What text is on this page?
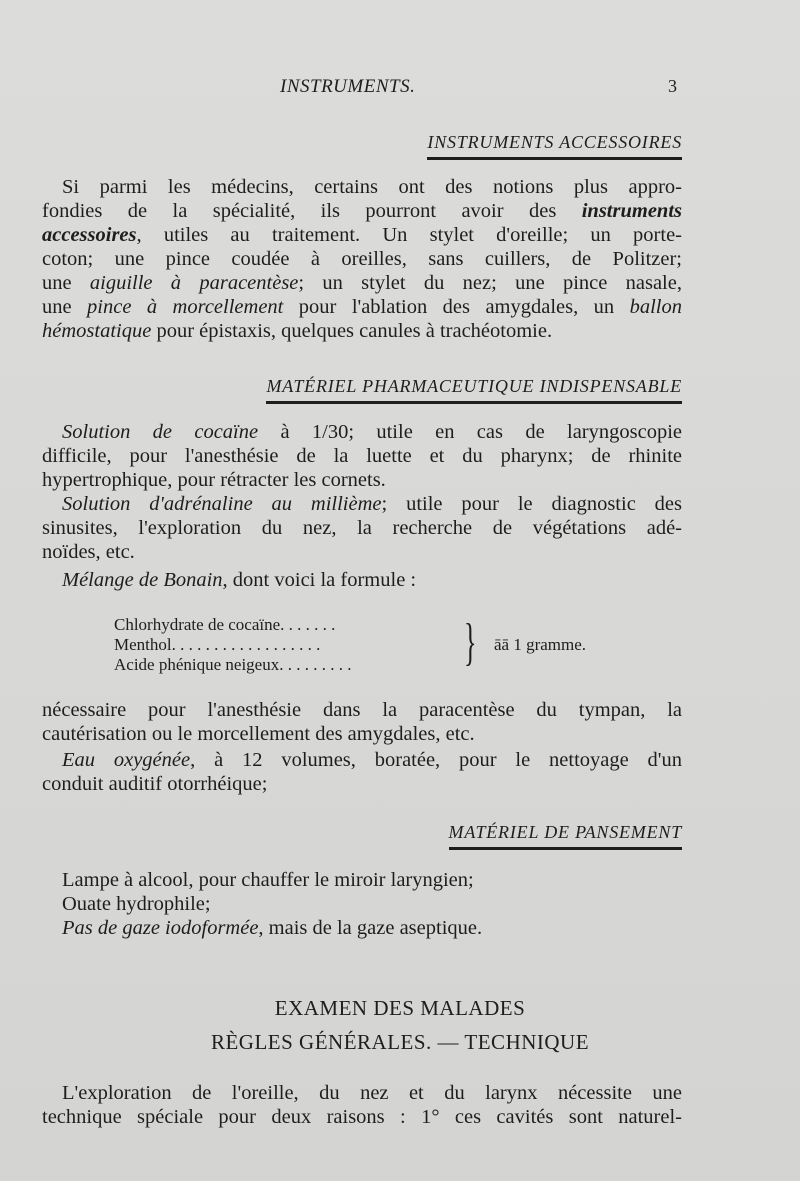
INSTRUMENTS.	3
INSTRUMENTS ACCESSOIRES
Si parmi les médecins, certains ont des notions plus appro-
fondies de la spécialité, ils pourront avoir des instruments
accessoires, utiles au traitement. Un stylet d'oreille; un porte-
coton; une pince coudée à oreilles, sans cuillers, de Politzer;
une aiguille à paracentèse; un stylet du nez; une pince nasale,
une pince à morcellement pour l'ablation des amygdales, un ballon
hémostatique pour épistaxis, quelques canules à trachéotomie.
MATÉRIEL PHARMACEUTIQUE INDISPENSABLE
Solution de cocaïne à 1/30; utile en cas de laryngoscopie
difficile, pour l'anesthésie de la luette et du pharynx; de rhinite
hypertrophique, pour rétracter les cornets.
Solution d'adrénaline au millième; utile pour le diagnostic des
sinusites, l'exploration du nez, la recherche de végétations adé-
noïdes, etc.
Mélange de Bonain, dont voici la formule :
Chlorhydrate de cocaïne. . . . . . .
Menthol. . . . . . . . . . . . . . . . . .
Acide phénique neigeux. . . . . . . . . } āā 1 gramme.
nécessaire pour l'anesthésie dans la paracentèse du tympan, la
cautérisation ou le morcellement des amygdales, etc.
Eau oxygénée, à 12 volumes, boratée, pour le nettoyage d'un
conduit auditif otorrhéique;
MATÉRIEL DE PANSEMENT
Lampe à alcool, pour chauffer le miroir laryngien;
Ouate hydrophile;
Pas de gaze iodoformée, mais de la gaze aseptique.
EXAMEN DES MALADES
RÈGLES GÉNÉRALES. — TECHNIQUE
L'exploration de l'oreille, du nez et du larynx nécessite une
technique spéciale pour deux raisons : 1° ces cavités sont naturel-
